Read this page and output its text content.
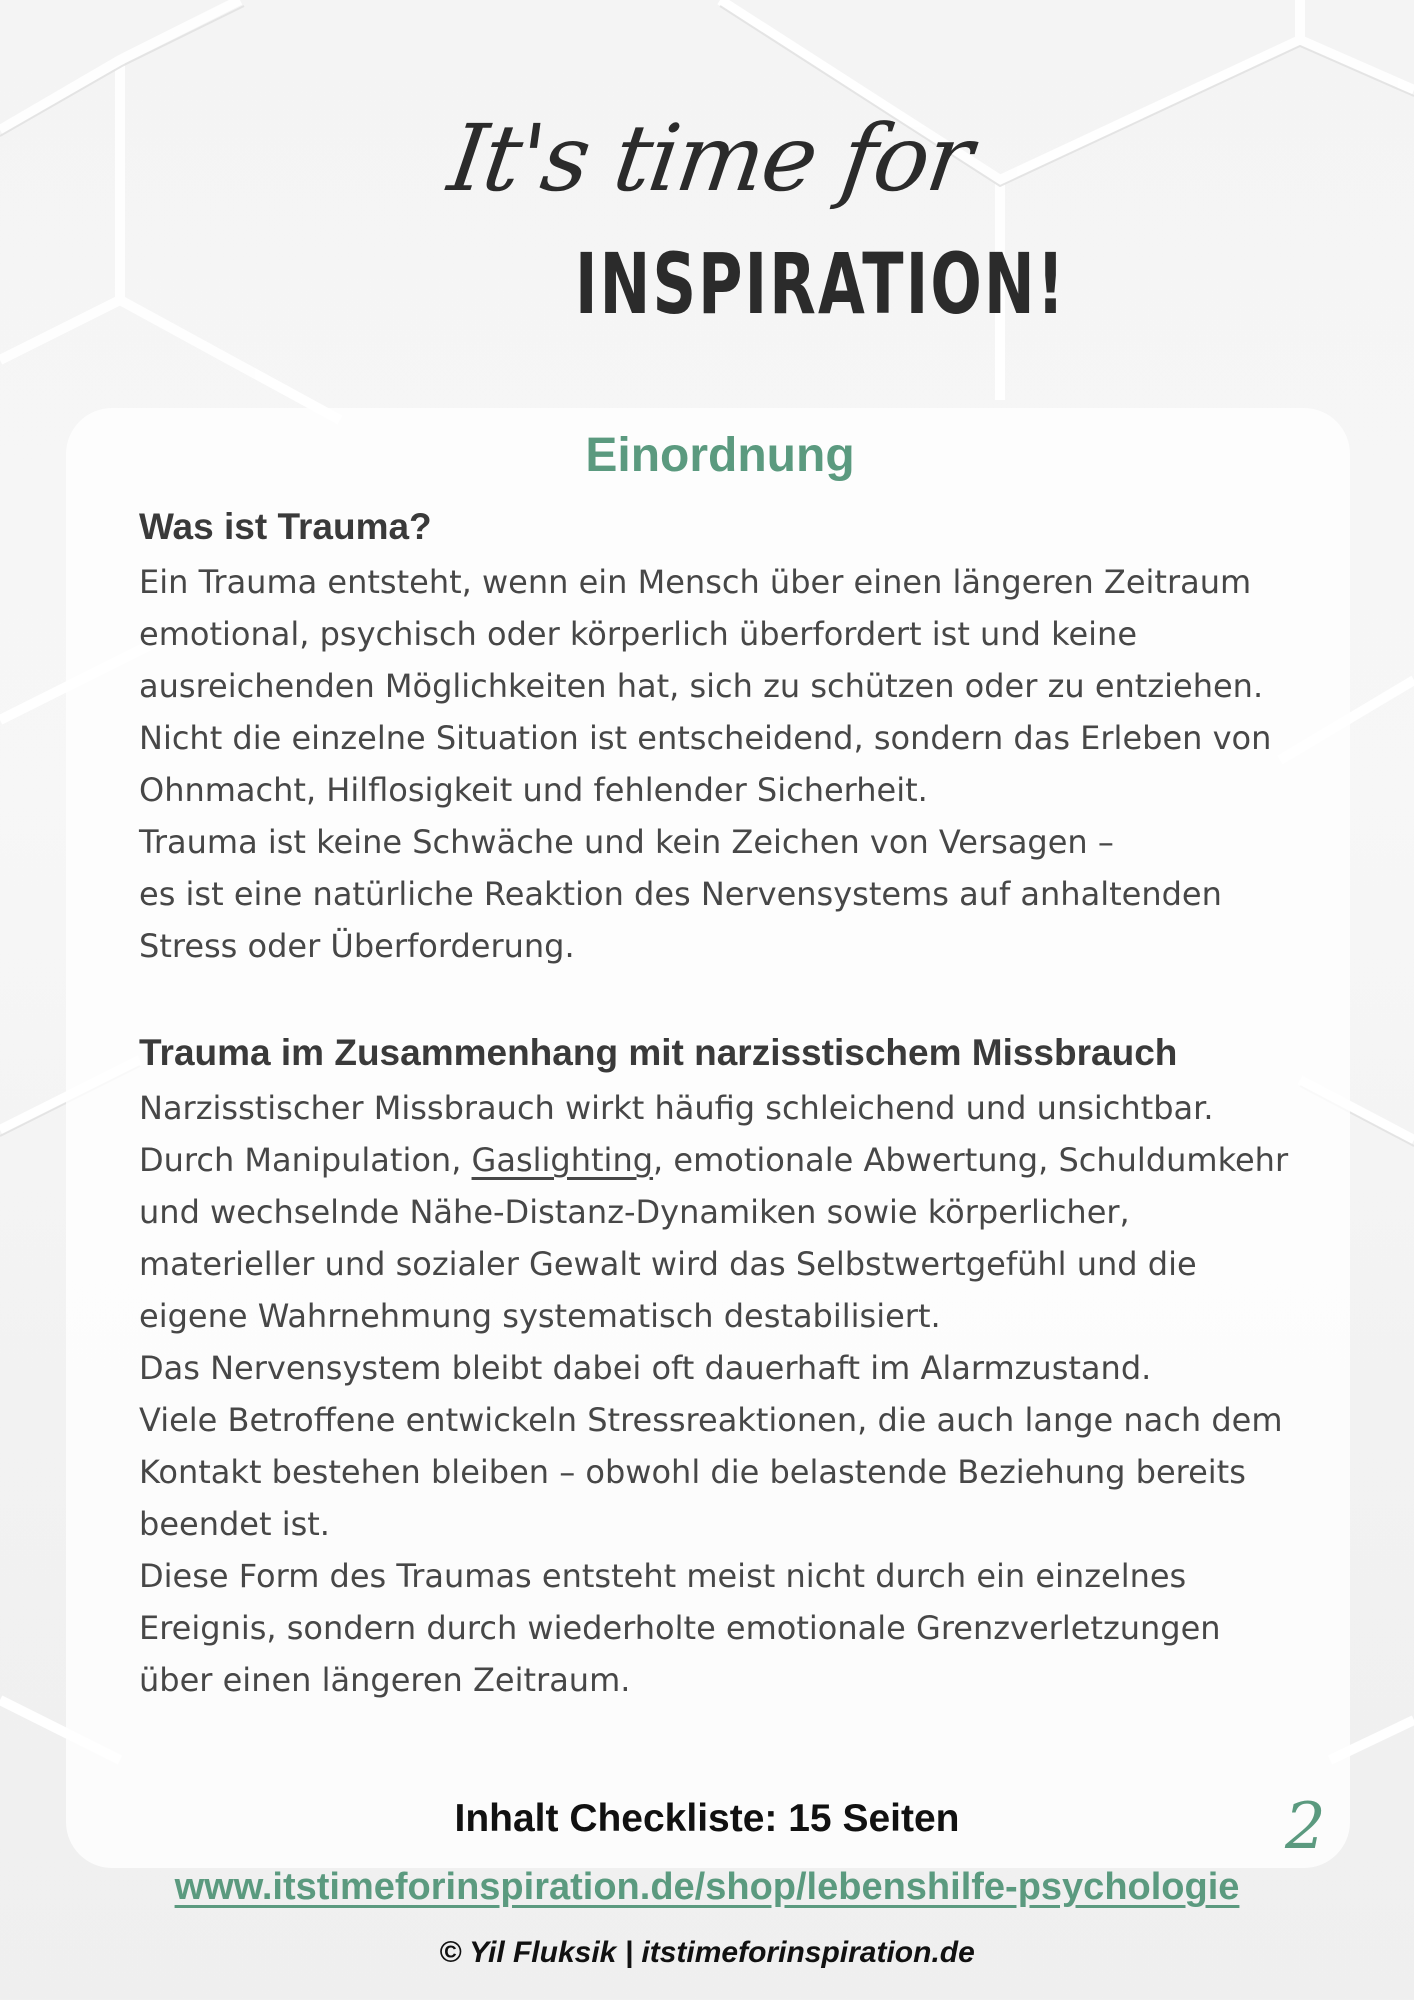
It's time for
INSPIRATION!
Einordnung
Was ist Trauma?

Ein Trauma entsteht, wenn ein Mensch über einen längeren Zeitraum

emotional, psychisch oder körperlich überfordert ist und keine

ausreichenden Möglichkeiten hat, sich zu schützen oder zu entziehen.

Nicht die einzelne Situation ist entscheidend, sondern das Erleben von

Ohnmacht, Hilflosigkeit und fehlender Sicherheit.

Trauma ist keine Schwäche und kein Zeichen von Versagen –

es ist eine natürliche Reaktion des Nervensystems auf anhaltenden

Stress oder Überforderung.

Trauma im Zusammenhang mit narzisstischem Missbrauch

Narzisstischer Missbrauch wirkt häufig schleichend und unsichtbar.

Durch Manipulation, Gaslighting, emotionale Abwertung, Schuldumkehr

und wechselnde Nähe-Distanz-Dynamiken sowie körperlicher,

materieller und sozialer Gewalt wird das Selbstwertgefühl und die

eigene Wahrnehmung systematisch destabilisiert.

Das Nervensystem bleibt dabei oft dauerhaft im Alarmzustand.

Viele Betroffene entwickeln Stressreaktionen, die auch lange nach dem

Kontakt bestehen bleiben – obwohl die belastende Beziehung bereits

beendet ist.

Diese Form des Traumas entsteht meist nicht durch ein einzelnes

Ereignis, sondern durch wiederholte emotionale Grenzverletzungen

über einen längeren Zeitraum.

Inhalt Checkliste: 15 Seiten	2
www.itstimeforinspiration.de/shop/lebenshilfe-psychologie
© Yil Fluksik | itstimeforinspiration.de
